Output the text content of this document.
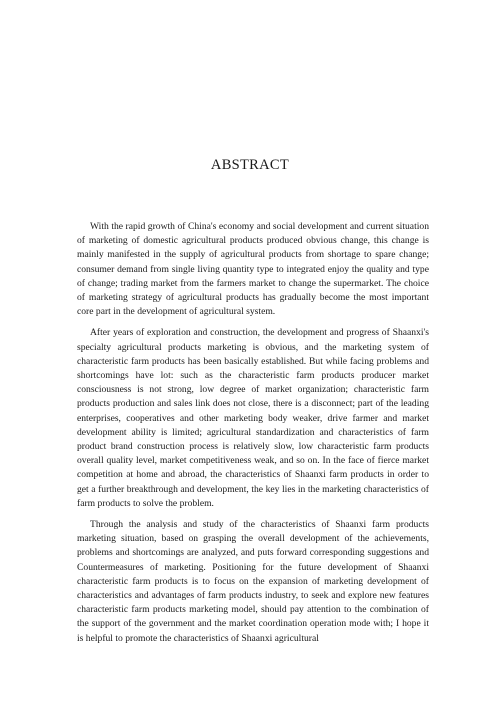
ABSTRACT

With the rapid growth of China's economy and social development and current situation of marketing of domestic agricultural products produced obvious change, this change is mainly manifested in the supply of agricultural products from shortage to spare change; consumer demand from single living quantity type to integrated enjoy the quality and type of change; trading market from the farmers market to change the supermarket. The choice of marketing strategy of agricultural products has gradually become the most important core part in the development of agricultural system.

After years of exploration and construction, the development and progress of Shaanxi's specialty agricultural products marketing is obvious, and the marketing system of characteristic farm products has been basically established. But while facing problems and shortcomings have lot: such as the characteristic farm products producer market consciousness is not strong, low degree of market organization; characteristic farm products production and sales link does not close, there is a disconnect; part of the leading enterprises, cooperatives and other marketing body weaker, drive farmer and market development ability is limited; agricultural standardization and characteristics of farm product brand construction process is relatively slow, low characteristic farm products overall quality level, market competitiveness weak, and so on. In the face of fierce market competition at home and abroad, the characteristics of Shaanxi farm products in order to get a further breakthrough and development, the key lies in the marketing characteristics of farm products to solve the problem.

Through the analysis and study of the characteristics of Shaanxi farm products marketing situation, based on grasping the overall development of the achievements, problems and shortcomings are analyzed, and puts forward corresponding suggestions and Countermeasures of marketing. Positioning for the future development of Shaanxi characteristic farm products is to focus on the expansion of marketing development of characteristics and advantages of farm products industry, to seek and explore new features characteristic farm products marketing model, should pay attention to the combination of the support of the government and the market coordination operation mode with; I hope it is helpful to promote the characteristics of Shaanxi agricultural
